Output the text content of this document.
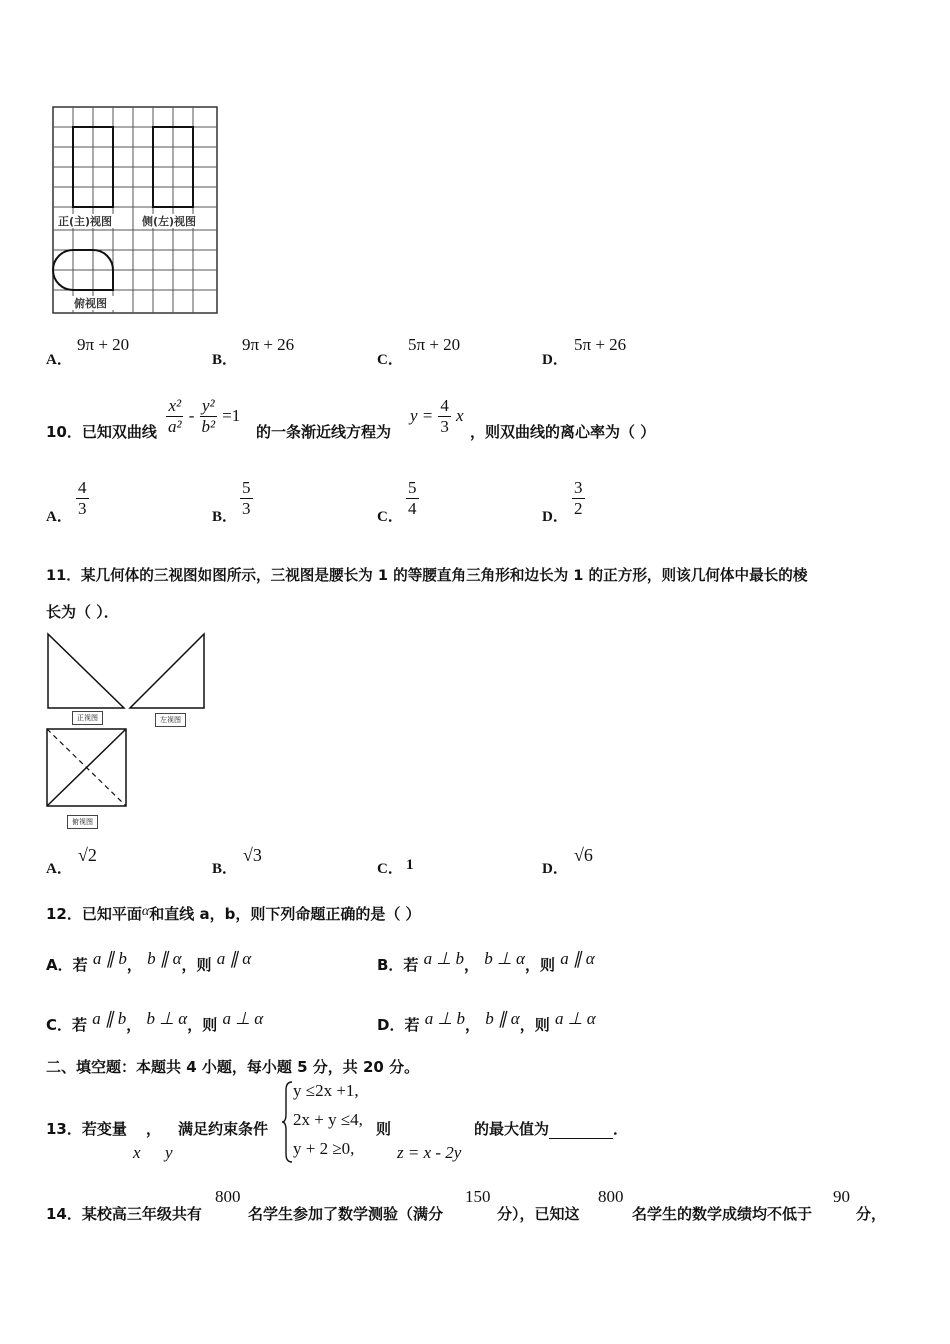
正(主)视图	侧(左)视图
俯视图
A．
9π + 20
B．
9π + 26
C．
5π + 20
D．
5π + 26
10．已知双曲线 $\frac{\text{x²}}{\text{a²}} - \frac{\text{y²}}{\text{b²}} =1$
的一条渐近线方程为
$y = \frac{4}{3}$ x
，则双曲线的离心率为（ ）
A． $\frac{4}{3}$	B． $\frac{5}{3}$	C． $\frac{5}{4}$	D． $\frac{3}{2}$
11．某几何体的三视图如图所示，三视图是腰长为 1 的等腰直角三角形和边长为 1 的正方形，则该几何体中最长的棱
长为（ ）．
正视图	左视图
俯视图
A．
√2
B．
√3
C． 1	D．
√6
12．已知平面α和直线 a，b，则下列命题正确的是（ ）
A．若 a ∥ b， b ∥ α，则 a ∥ α	B．若 a ⊥ b， b ⊥ α，则 a ∥ α
C．若 a ∥ b， b ⊥ α，则 a ⊥ α	D．若 a ⊥ b， b ∥ α，则 a ⊥ α
二、填空题：本题共 4 小题，每小题 5 分，共 20 分。
13．若变量 ， 满足约束条件
x y
y ≤2x +1,
2x + y ≤4,
y + 2 ≥0,
则
z = x - 2y
的最大值为	．
14．某校高三年级共有
800
名学生参加了数学测验（满分
150
分），已知这
800
名学生的数学成绩均不低于
90
分，
